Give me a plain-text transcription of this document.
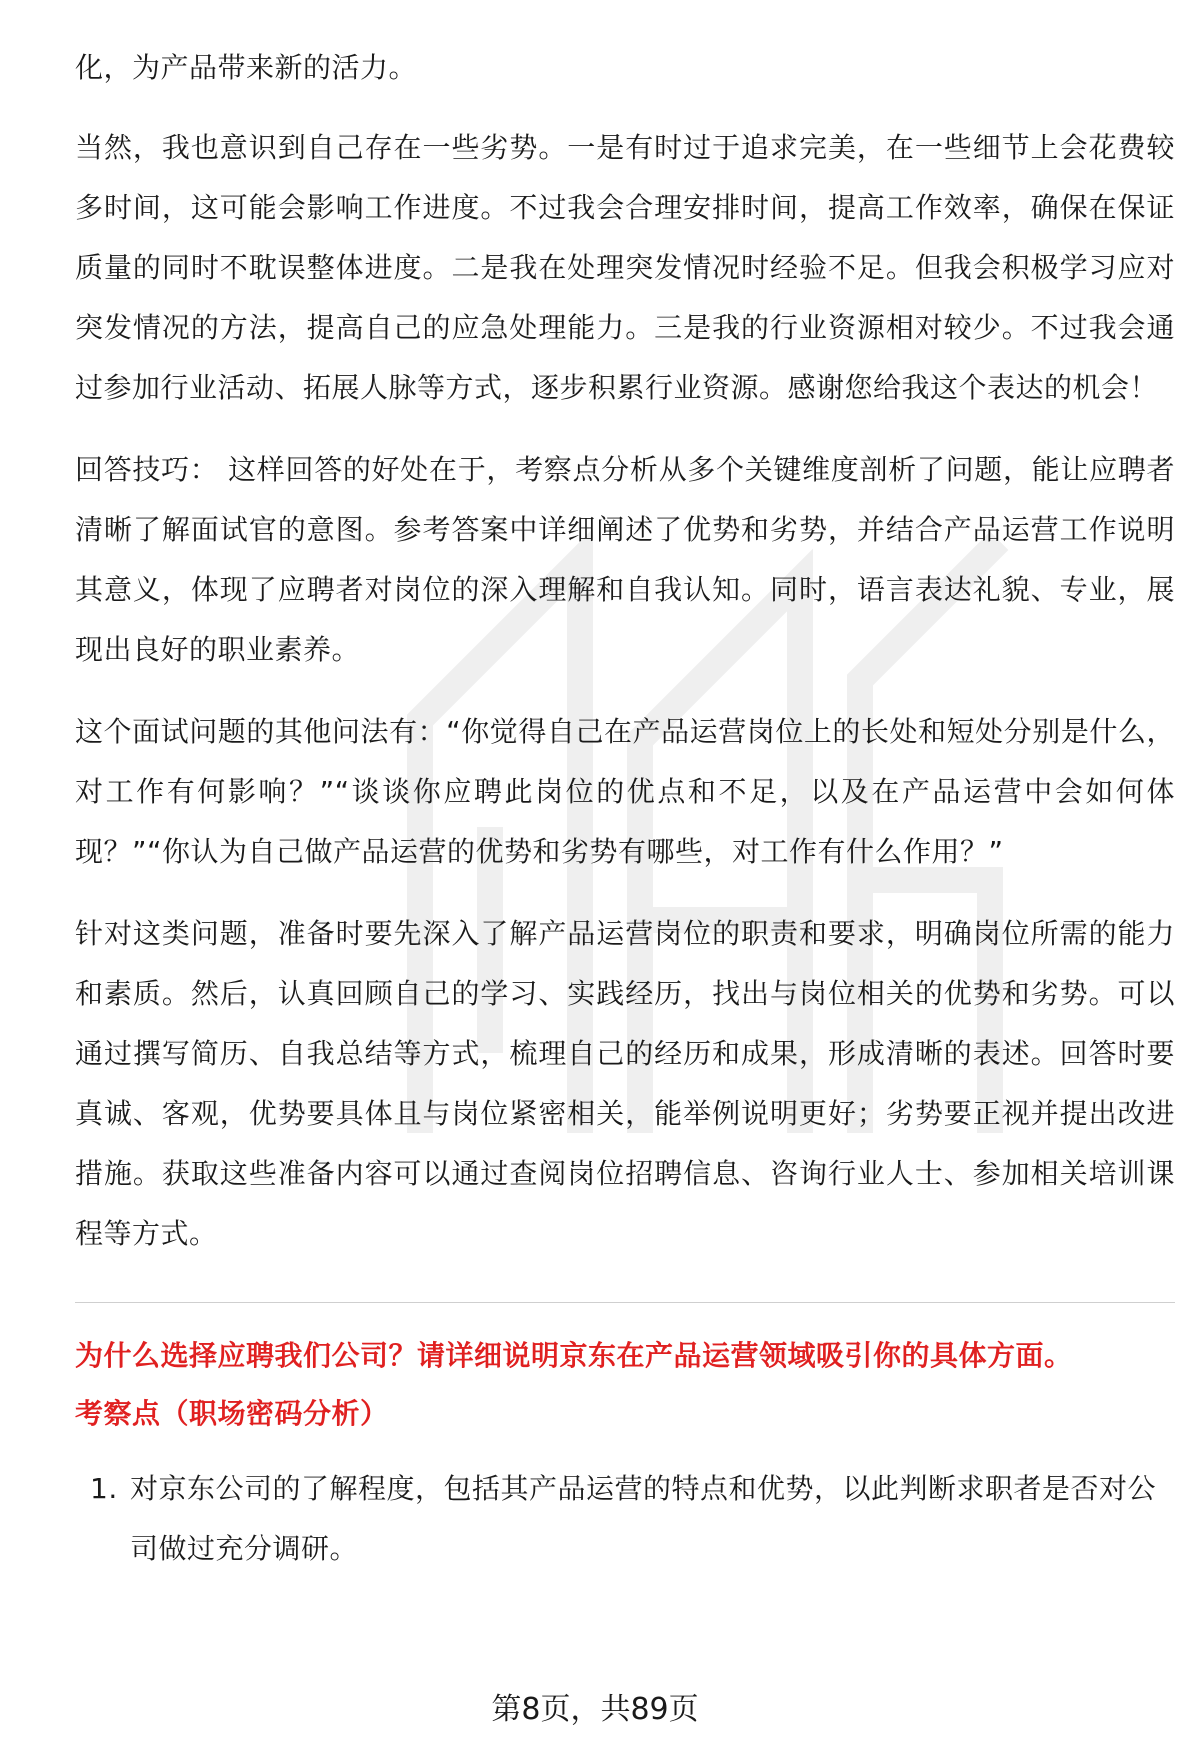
化，为产品带来新的活力。

当然，我也意识到自己存在一些劣势。一是有时过于追求完美，在一些细节上会花费较多时间，这可能会影响工作进度。不过我会合理安排时间，提高工作效率，确保在保证质量的同时不耽误整体进度。二是我在处理突发情况时经验不足。但我会积极学习应对突发情况的方法，提高自己的应急处理能力。三是我的行业资源相对较少。不过我会通过参加行业活动、拓展人脉等方式，逐步积累行业资源。感谢您给我这个表达的机会！

回答技巧： 这样回答的好处在于，考察点分析从多个关键维度剖析了问题，能让应聘者清晰了解面试官的意图。参考答案中详细阐述了优势和劣势，并结合产品运营工作说明其意义，体现了应聘者对岗位的深入理解和自我认知。同时，语言表达礼貌、专业，展现出良好的职业素养。

这个面试问题的其他问法有：“你觉得自己在产品运营岗位上的长处和短处分别是什么，对工作有何影响？”“谈谈你应聘此岗位的优点和不足，以及在产品运营中会如何体现？”“你认为自己做产品运营的优势和劣势有哪些，对工作有什么作用？”

针对这类问题，准备时要先深入了解产品运营岗位的职责和要求，明确岗位所需的能力和素质。然后，认真回顾自己的学习、实践经历，找出与岗位相关的优势和劣势。可以通过撰写简历、自我总结等方式，梳理自己的经历和成果，形成清晰的表述。回答时要真诚、客观，优势要具体且与岗位紧密相关，能举例说明更好；劣势要正视并提出改进措施。获取这些准备内容可以通过查阅岗位招聘信息、咨询行业人士、参加相关培训课程等方式。

为什么选择应聘我们公司？请详细说明京东在产品运营领域吸引你的具体方面。

考察点（职场密码分析）

1. 对京东公司的了解程度，包括其产品运营的特点和优势，以此判断求职者是否对公司做过充分调研。
第8页，共89页
